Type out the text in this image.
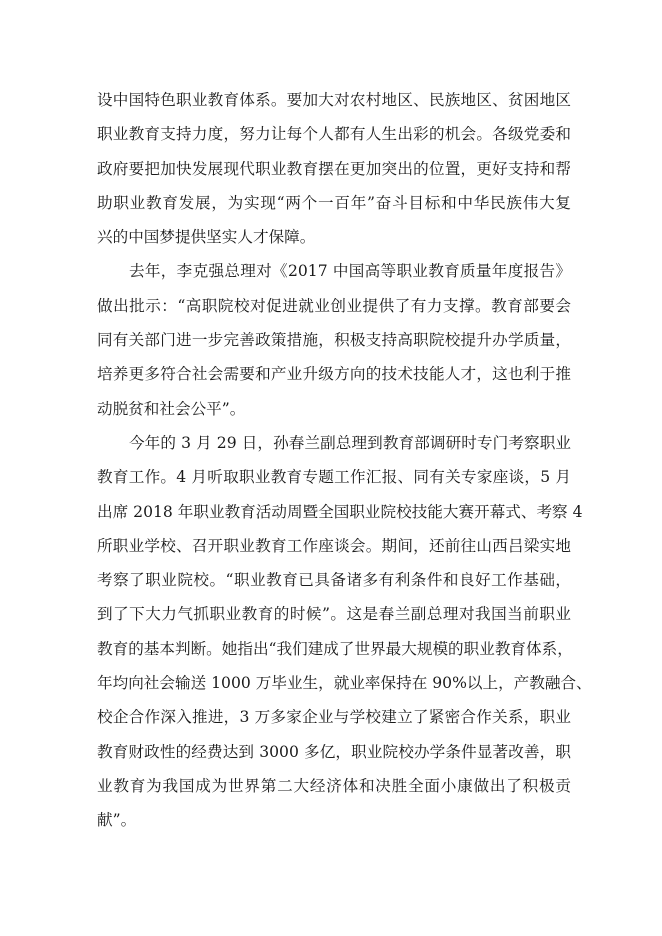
设中国特色职业教育体系。要加大对农村地区、民族地区、贫困地区
职业教育支持力度，努力让每个人都有人生出彩的机会。各级党委和
政府要把加快发展现代职业教育摆在更加突出的位置，更好支持和帮
助职业教育发展，为实现“两个一百年”奋斗目标和中华民族伟大复
兴的中国梦提供坚实人才保障。
去年，李克强总理对《2017 中国高等职业教育质量年度报告》
做出批示：“高职院校对促进就业创业提供了有力支撑。教育部要会
同有关部门进一步完善政策措施，积极支持高职院校提升办学质量，
培养更多符合社会需要和产业升级方向的技术技能人才，这也利于推
动脱贫和社会公平”。
今年的 3 月 29 日，孙春兰副总理到教育部调研时专门考察职业
教育工作。4 月听取职业教育专题工作汇报、同有关专家座谈，5 月
出席 2018 年职业教育活动周暨全国职业院校技能大赛开幕式、考察 4
所职业学校、召开职业教育工作座谈会。期间，还前往山西吕梁实地
考察了职业院校。“职业教育已具备诸多有利条件和良好工作基础，
到了下大力气抓职业教育的时候”。这是春兰副总理对我国当前职业
教育的基本判断。她指出“我们建成了世界最大规模的职业教育体系，
年均向社会输送 1000 万毕业生，就业率保持在 90%以上，产教融合、
校企合作深入推进，3 万多家企业与学校建立了紧密合作关系，职业
教育财政性的经费达到 3000 多亿，职业院校办学条件显著改善，职
业教育为我国成为世界第二大经济体和决胜全面小康做出了积极贡
献”。
